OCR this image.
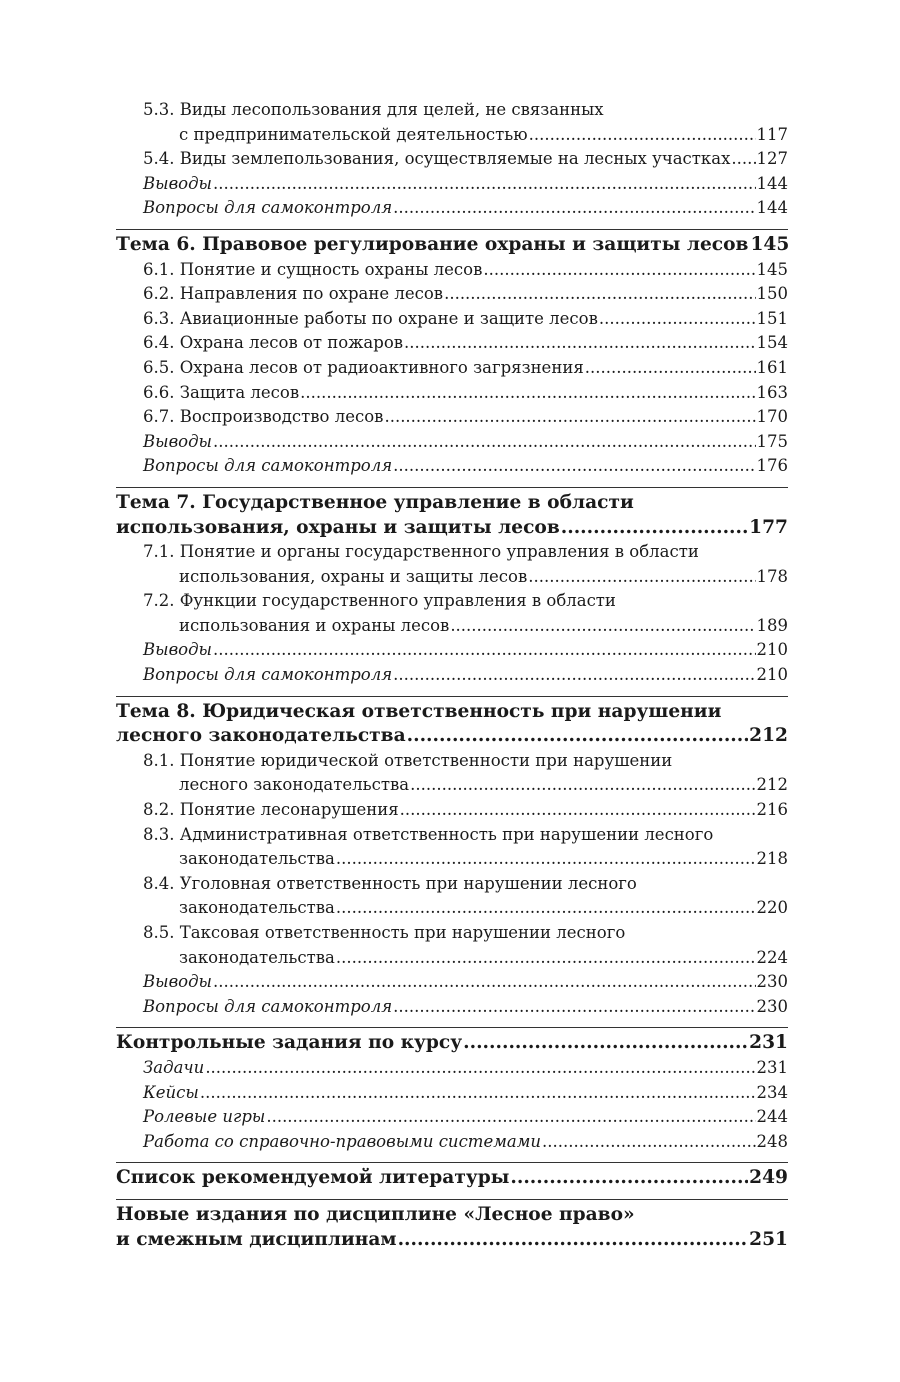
5.3. Виды лесопользования для целей, не связанных
с предпринимательской деятельностью .....	117
5.4. Виды землепользования, осуществляемые на лесных участках ..... 127
Выводы .....	144
Вопросы для самоконтроля .....	144
Тема 6. Правовое регулирование охраны и защиты лесов 145
6.1. Понятие и сущность охраны лесов .....	145
6.2. Направления по охране лесов .....	150
6.3. Авиационные работы по охране и защите лесов .....	151
6.4. Охрана лесов от пожаров .....	154
6.5. Охрана лесов от радиоактивного загрязнения .....	161
6.6. Защита лесов .....	163
6.7. Воспроизводство лесов .....	170
Выводы .....	175
Вопросы для самоконтроля .....	176
Тема 7. Государственное управление в области
использования, охраны и защиты лесов .....	177
7.1. Понятие и органы государственного управления в области
использования, охраны и защиты лесов .....	178
7.2. Функции государственного управления в области
использования и охраны лесов .....	189
Выводы .....	210
Вопросы для самоконтроля .....	210
Тема 8. Юридическая ответственность при нарушении
лесного законодательства .....	212
8.1. Понятие юридической ответственности при нарушении
лесного законодательства .....	212
8.2. Понятие лесонарушения .....	216
8.3. Административная ответственность при нарушении лесного
законодательства .....	218
8.4. Уголовная ответственность при нарушении лесного
законодательства .....	220
8.5. Таксовая ответственность при нарушении лесного
законодательства .....	224
Выводы .....	230
Вопросы для самоконтроля .....	230
Контрольные задания по курсу .....	231
Задачи .....	231
Кейсы .....	234
Ролевые игры .....	244
Работа со справочно-правовыми системами .....	248
Список рекомендуемой литературы .....	249
Новые издания по дисциплине «Лесное право»
и смежным дисциплинам .....	251
